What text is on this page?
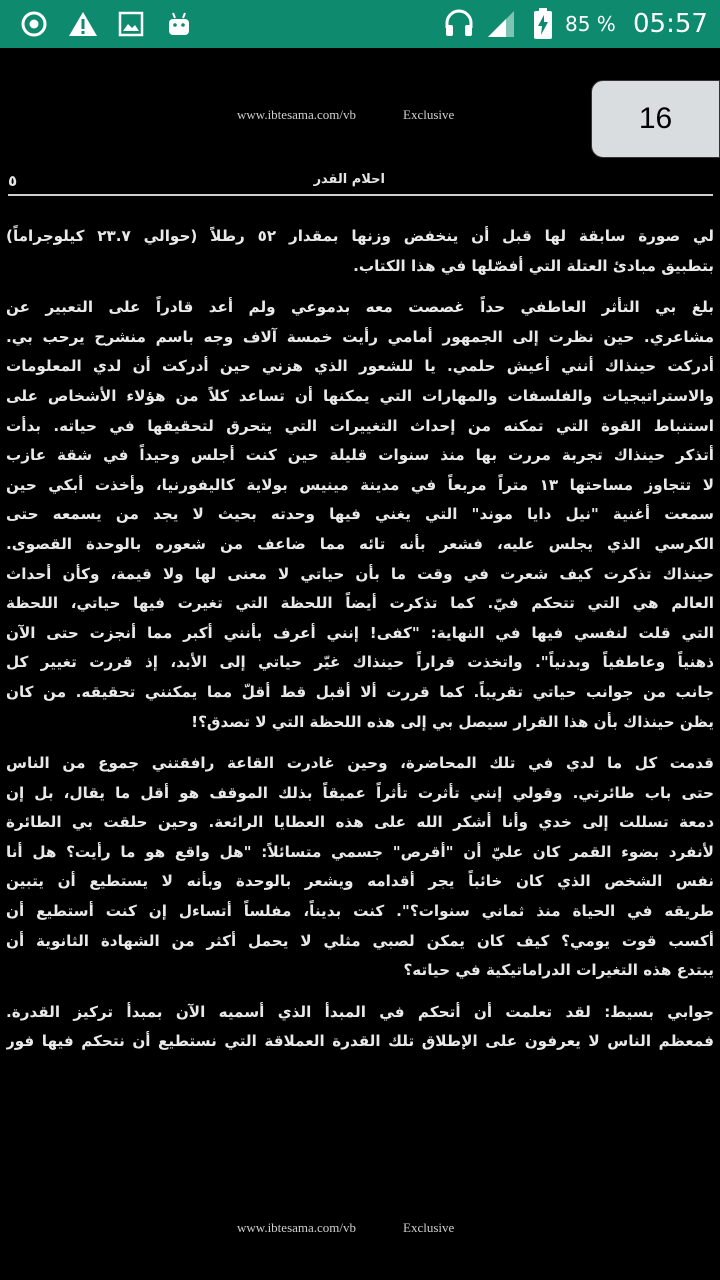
85 % 05:57
www.ibtesama.com/vb	Exclusive	16
٥	احلام القدر
لي صورة سابقة لها قبل أن ينخفض وزنها بمقدار ٥٢ رطلاً (حوالي ٢٣.٧ كيلوجراماً)
بتطبيق مبادئ العتلة التي أفصّلها في هذا الكتاب.
بلغ بي التأثر العاطفي حداً غصصت معه بدموعي ولم أعد قادراً على التعبير عن
مشاعري. حين نظرت إلى الجمهور أمامي رأيت خمسة آلاف وجه باسم منشرح يرحب بي.
أدركت حينذاك أنني أعيش حلمي. يا للشعور الذي هزني حين أدركت أن لدي المعلومات
والاستراتيجيات والفلسفات والمهارات التي يمكنها أن تساعد كلاً من هؤلاء الأشخاص على
استنباط القوة التي تمكنه من إحداث التغييرات التي يتحرق لتحقيقها في حياته. بدأت
أتذكر حينذاك تجربة مررت بها منذ سنوات قليلة حين كنت أجلس وحيداً في شقة عازب
لا تتجاوز مساحتها ١٣ متراً مربعاً في مدينة مينيس بولاية كاليفورنيا، وأخذت أبكي حين
سمعت أغنية "نيل دايا موند" التي يغني فيها وحدته بحيث لا يجد من يسمعه حتى
الكرسي الذي يجلس عليه، فشعر بأنه تائه مما ضاعف من شعوره بالوحدة القصوى.
حينذاك تذكرت كيف شعرت في وقت ما بأن حياتي لا معنى لها ولا قيمة، وكأن أحداث
العالم هي التي تتحكم فيّ. كما تذكرت أيضاً اللحظة التي تغيرت فيها حياتي، اللحظة
التي قلت لنفسي فيها في النهاية: "كفى! إنني أعرف بأنني أكبر مما أنجزت حتى الآن
ذهنياً وعاطفياً وبدنياً". واتخذت قراراً حينذاك غيّر حياتي إلى الأبد، إذ قررت تغيير كل
جانب من جوانب حياتي تقريباً. كما قررت ألا أقبل قط أقلّ مما يمكنني تحقيقه. من كان
يظن حينذاك بأن هذا القرار سيصل بي إلى هذه اللحظة التي لا تصدق؟!
قدمت كل ما لدي في تلك المحاضرة، وحين غادرت القاعة رافقتني جموع من الناس
حتى باب طائرتي. وقولي إنني تأثرت تأثراً عميقاً بذلك الموقف هو أقل ما يقال، بل إن
دمعة تسللت إلى خدي وأنا أشكر الله على هذه العطايا الرائعة. وحين حلقت بي الطائرة
لأنفرد بضوء القمر كان عليّ أن "أقرص" جسمي متسائلاً: "هل واقع هو ما رأيت؟ هل أنا
نفس الشخص الذي كان خائباً يجر أقدامه ويشعر بالوحدة وبأنه لا يستطيع أن يتبين
طريقه في الحياة منذ ثماني سنوات؟". كنت بديناً، مفلساً أتساءل إن كنت أستطيع أن
أكسب قوت يومي؟ كيف كان يمكن لصبي مثلي لا يحمل أكثر من الشهادة الثانوية أن
يبتدع هذه التغيرات الدراماتيكية في حياته؟
جوابي بسيط: لقد تعلمت أن أتحكم في المبدأ الذي أسميه الآن بمبدأ تركيز القدرة.
فمعظم الناس لا يعرفون على الإطلاق تلك القدرة العملاقة التي نستطيع أن نتحكم فيها فور
www.ibtesama.com/vb	Exclusive
